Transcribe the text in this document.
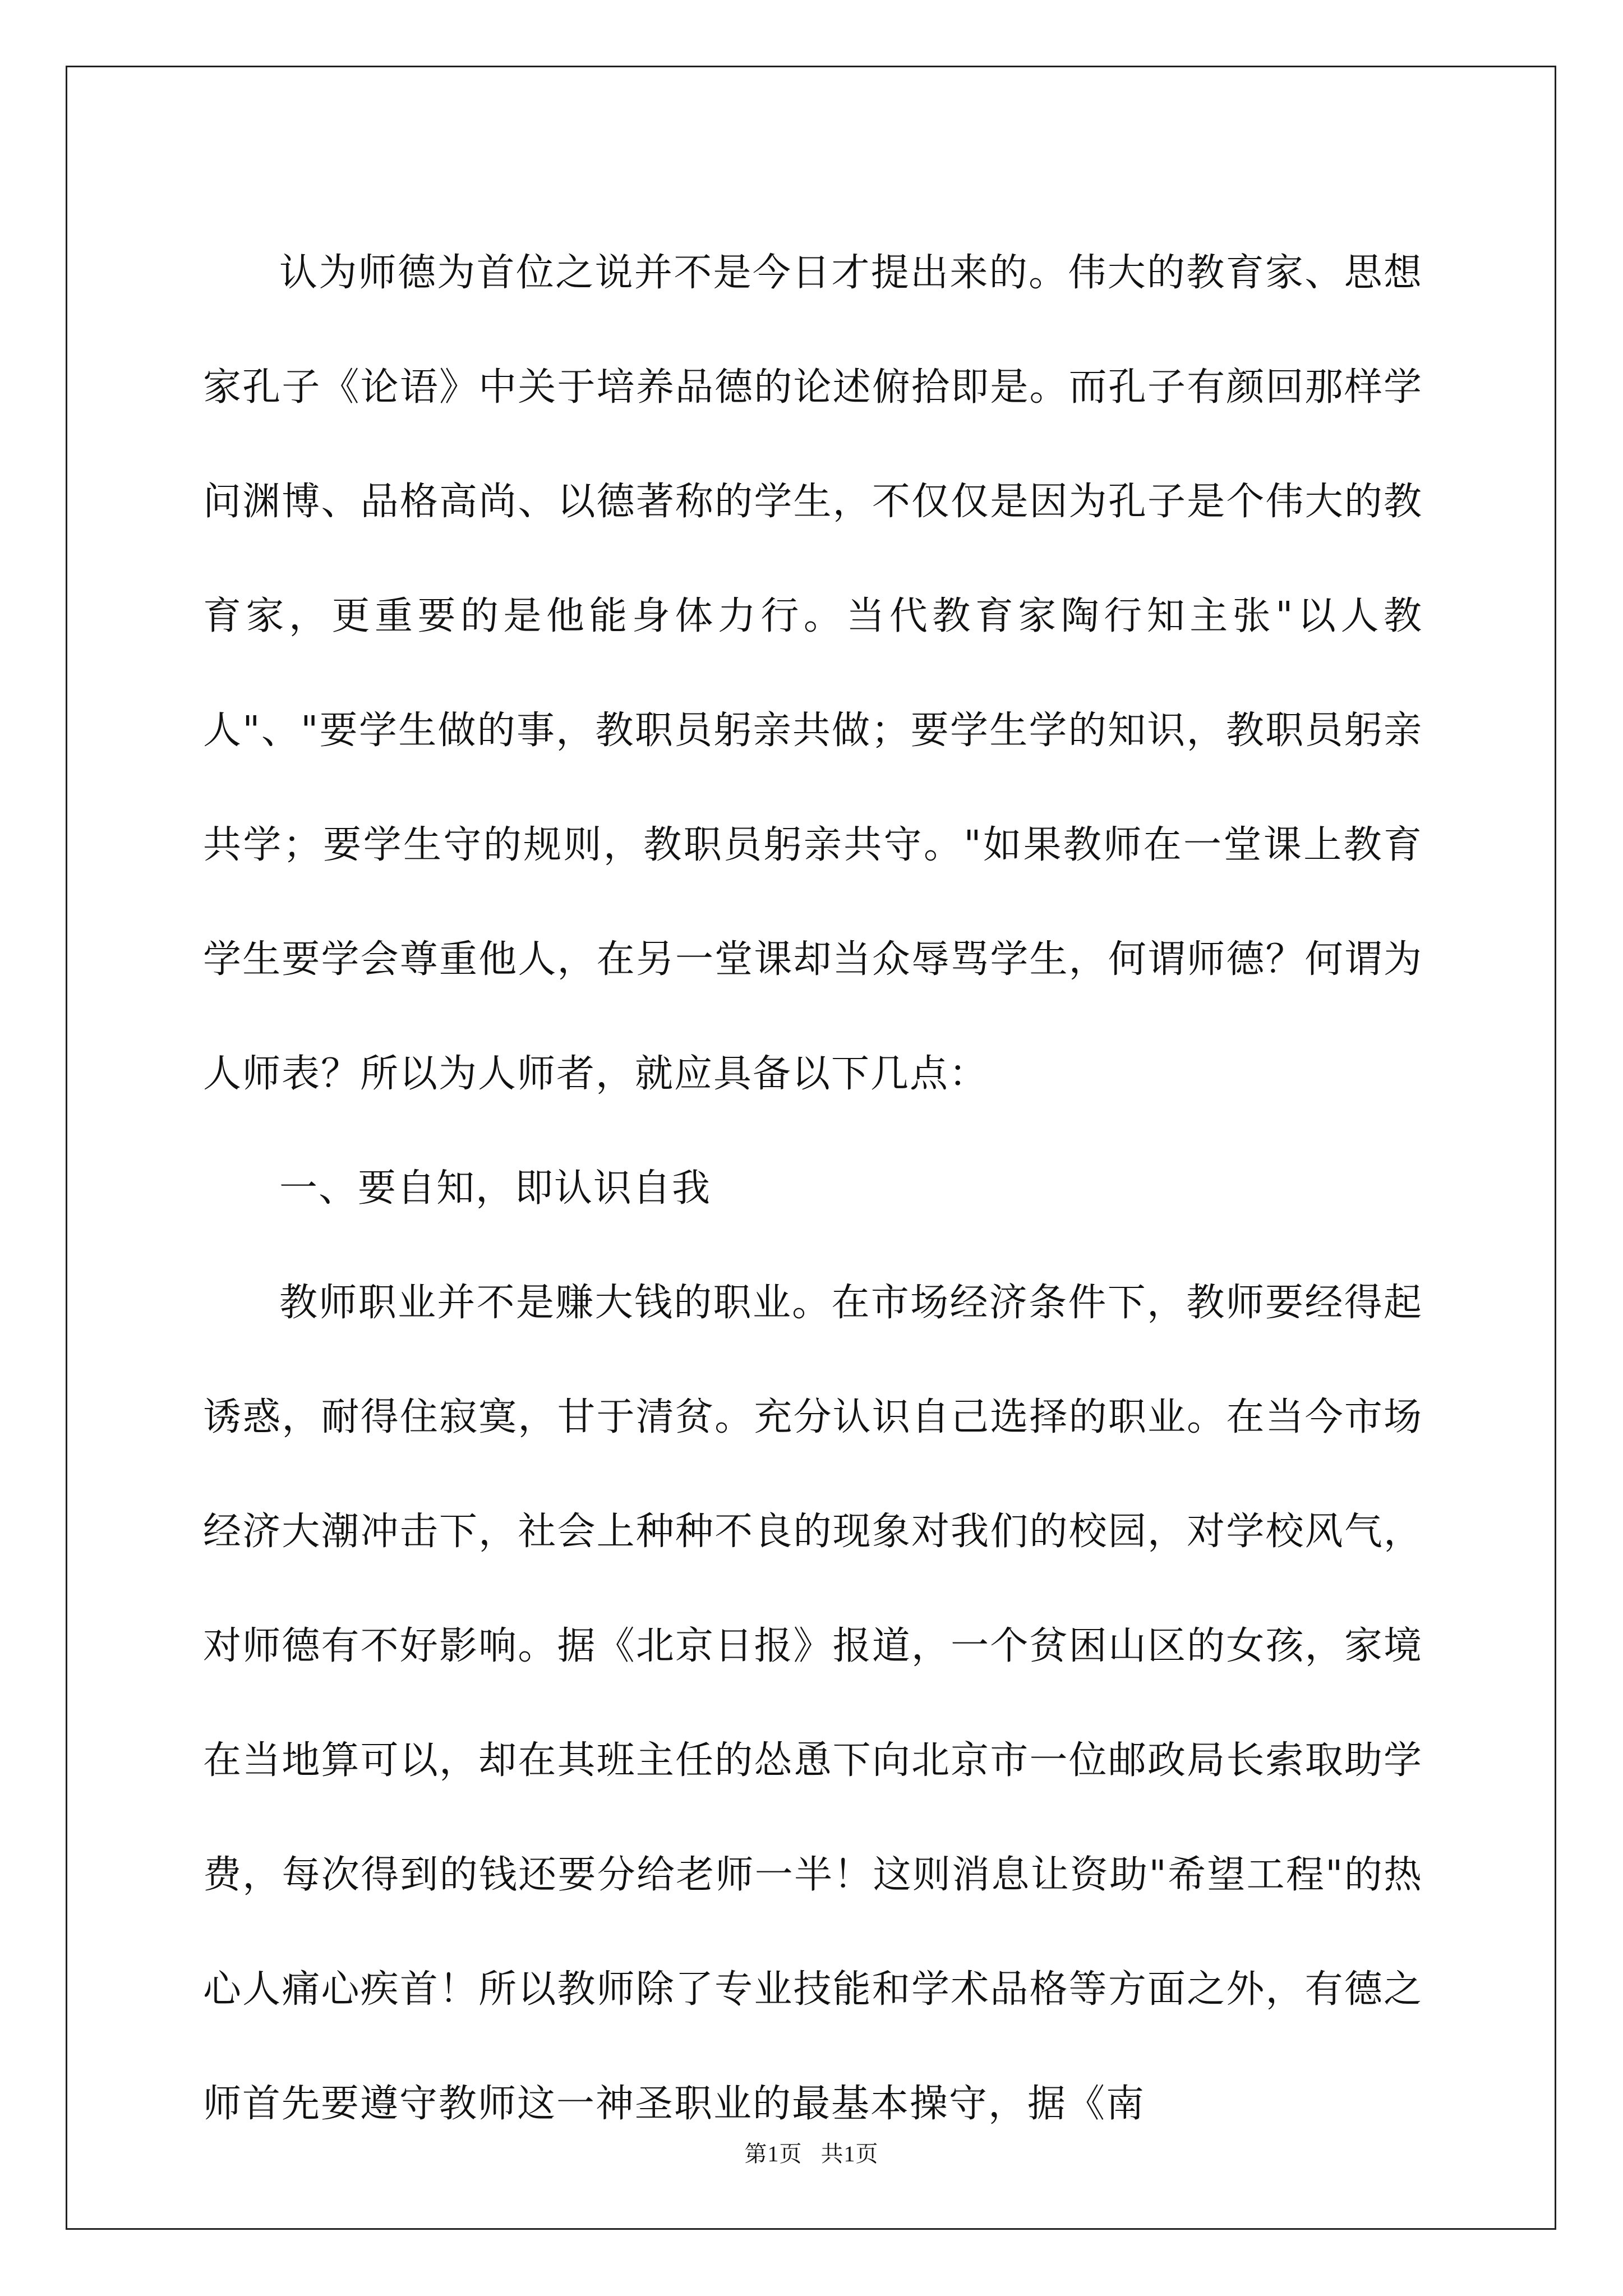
认为师德为首位之说并不是今日才提出来的。伟大的教育家、思想家孔子《论语》中关于培养品德的论述俯拾即是。而孔子有颜回那样学问渊博、品格高尚、以德著称的学生，不仅仅是因为孔子是个伟大的教育家，更重要的是他能身体力行。当代教育家陶行知主张"以人教人"、"要学生做的事，教职员躬亲共做；要学生学的知识，教职员躬亲共学；要学生守的规则，教职员躬亲共守。"如果教师在一堂课上教育学生要学会尊重他人，在另一堂课却当众辱骂学生，何谓师德？何谓为人师表？所以为人师者，就应具备以下几点：

一、要自知，即认识自我

教师职业并不是赚大钱的职业。在市场经济条件下，教师要经得起诱惑，耐得住寂寞，甘于清贫。充分认识自己选择的职业。在当今市场经济大潮冲击下，社会上种种不良的现象对我们的校园，对学校风气，对师德有不好影响。据《北京日报》报道，一个贫困山区的女孩，家境在当地算可以，却在其班主任的怂恿下向北京市一位邮政局长索取助学费，每次得到的钱还要分给老师一半！这则消息让资助"希望工程"的热心人痛心疾首！所以教师除了专业技能和学术品格等方面之外，有德之师首先要遵守教师这一神圣职业的最基本操守，据《南

第1页 共1页
